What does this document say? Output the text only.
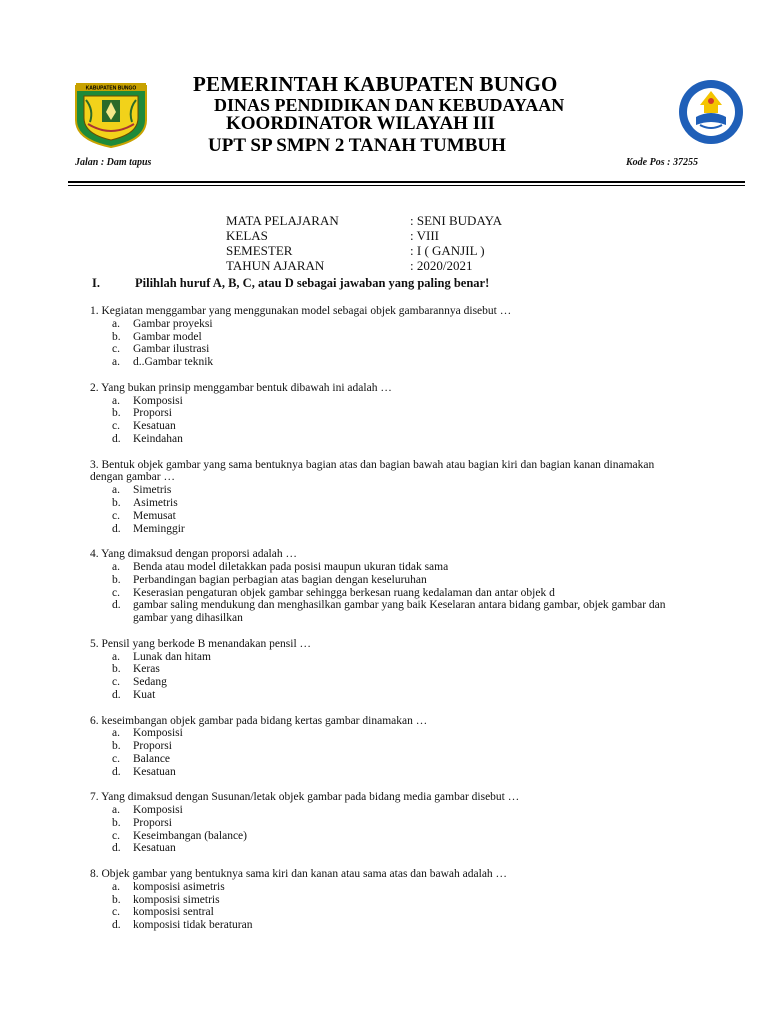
KABUPATEN BUNGO	PEMERINTAH KABUPATEN BUNGO
DINAS PENDIDIKAN DAN KEBUDAYAAN
KOORDINATOR WILAYAH III
UPT SP SMPN 2 TANAH TUMBUH
Jalan : Dam tapus	Kode Pos : 37255
MATA PELAJARAN	: SENI BUDAYA
KELAS	: VIII
SEMESTER	: I ( GANJIL )
TAHUN AJARAN	: 2020/2021
I.	Pilihlah huruf A, B, C, atau D sebagai jawaban yang paling benar!
1. Kegiatan menggambar yang menggunakan model sebagai objek gambarannya disebut …
a.	Gambar proyeksi
b.	Gambar model
c.	Gambar ilustrasi
a.	d..Gambar teknik
2. Yang bukan prinsip menggambar bentuk dibawah ini adalah …
a.	Komposisi
b.	Proporsi
c.	Kesatuan
d.	Keindahan
3. Bentuk objek gambar yang sama bentuknya bagian atas dan bagian bawah atau bagian kiri dan bagian kanan dinamakan dengan gambar …
a.	Simetris
b.	Asimetris
c.	Memusat
d.	Meminggir
4. Yang dimaksud dengan proporsi adalah …
a.	Benda atau model diletakkan pada posisi maupun ukuran tidak sama
b.	Perbandingan bagian perbagian atas bagian dengan keseluruhan
c.	Keserasian pengaturan objek gambar sehingga berkesan ruang kedalaman dan antar objek d
d.	gambar saling mendukung dan menghasilkan gambar yang baik Keselaran antara bidang gambar, objek gambar dan gambar yang dihasilkan
5. Pensil yang berkode B menandakan pensil …
a.	Lunak dan hitam
b.	Keras
c.	Sedang
d.	Kuat
6. keseimbangan objek gambar pada bidang kertas gambar dinamakan …
a.	Komposisi
b.	Proporsi
c.	Balance
d.	Kesatuan
7. Yang dimaksud dengan Susunan/letak objek gambar pada bidang media gambar disebut …
a.	Komposisi
b.	Proporsi
c.	Keseimbangan (balance)
d.	Kesatuan
8. Objek gambar yang bentuknya sama kiri dan kanan atau sama atas dan bawah adalah …
a.	komposisi asimetris
b.	komposisi simetris
c.	komposisi sentral
d.	komposisi tidak beraturan
